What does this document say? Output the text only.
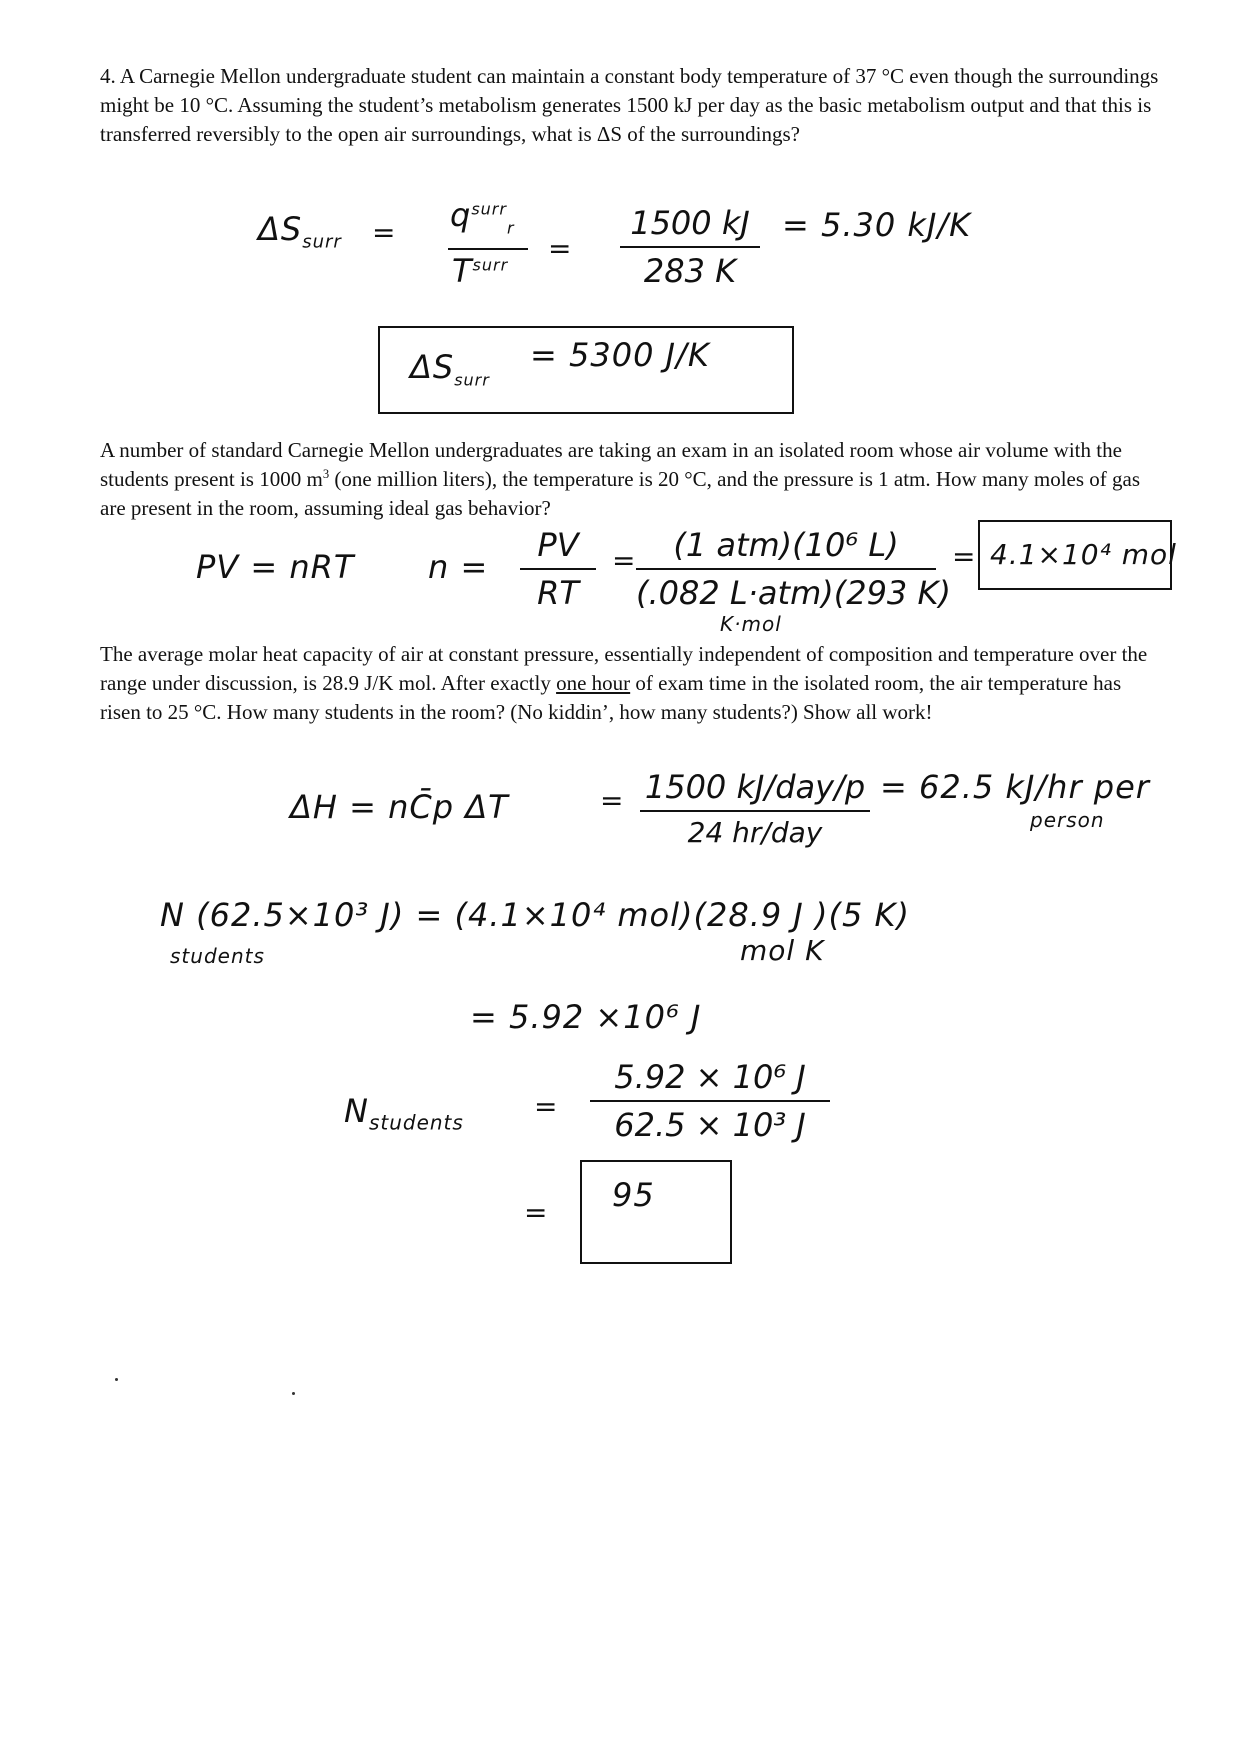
4. A Carnegie Mellon undergraduate student can maintain a constant body temperature of 37 °C even though the surroundings might be 10 °C. Assuming the student’s metabolism generates 1500 kJ per day as the basic metabolism output and that this is transferred reversibly to the open air surroundings, what is ΔS of the surroundings?

$\Delta S_{surr} = q^{surr}_r$
$T^{surr}$ =
1500 kJ
283 K
= 5.30 kJ/K
$\Delta S_{surr}$
= 5300 J/K

A number of standard Carnegie Mellon undergraduates are taking an exam in an isolated room whose air volume with the students present is 1000 $m^3$ (one million liters), the temperature is 20 °C, and the pressure is 1 atm. How many moles of gas are present in the room, assuming ideal gas behavior?

PV = nRT n =
PV
RT
=	(1 atm)(10⁶ L)
(.082 L·atm)(293 K)
K·mol
= 4.1×10⁴ mol

The average molar heat capacity of air at constant pressure, essentially independent of composition and temperature over the range under discussion, is 28.9 J/K mol. After exactly one hour of exam time in the isolated room, the air temperature has risen to 25 °C. How many students in the room? (No kiddin’, how many students?) Show all work!

ΔH = nC̄p ΔT	= 1500 kJ/day/p
24 hr/day
= 62.5 kJ/hr per
person
N (62.5×10³ J) = (4.1×10⁴ mol)(28.9 J )(5 K)
students	mol K
= 5.92 ×10⁶ J
$N_{students}$	=
5.92 × 10⁶ J
62.5 × 10³ J
= 95
